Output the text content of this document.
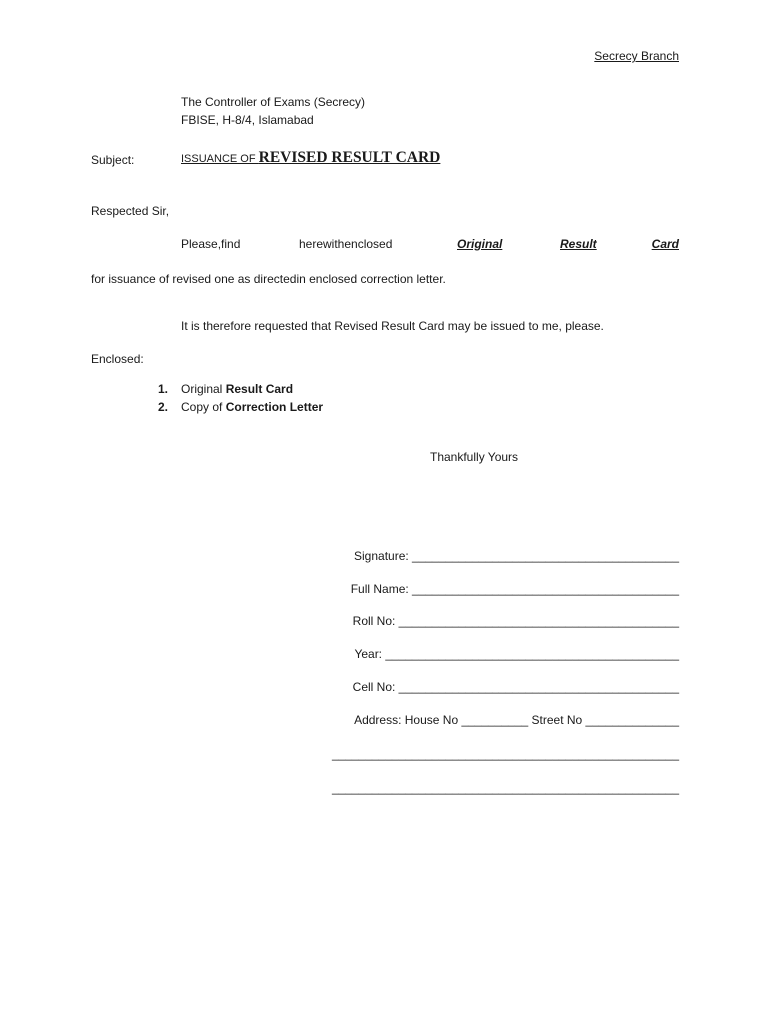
Secrecy Branch
The Controller of Exams (Secrecy)
FBISE, H-8/4, Islamabad
Subject:	ISSUANCE OF REVISED RESULT CARD
Respected Sir,
Please,find	herewithenclosed	Original	Result	Card
for issuance of revised one as directedin enclosed correction letter.
It is therefore requested that Revised Result Card may be issued to me, please.
Enclosed:
1. Original Result Card
2. Copy of Correction Letter
Thankfully Yours
Signature: ________________________________________
Full Name: ________________________________________
Roll No: __________________________________________
Year: ____________________________________________
Cell No: __________________________________________
Address: House No __________ Street No ______________
____________________________________________________
____________________________________________________
